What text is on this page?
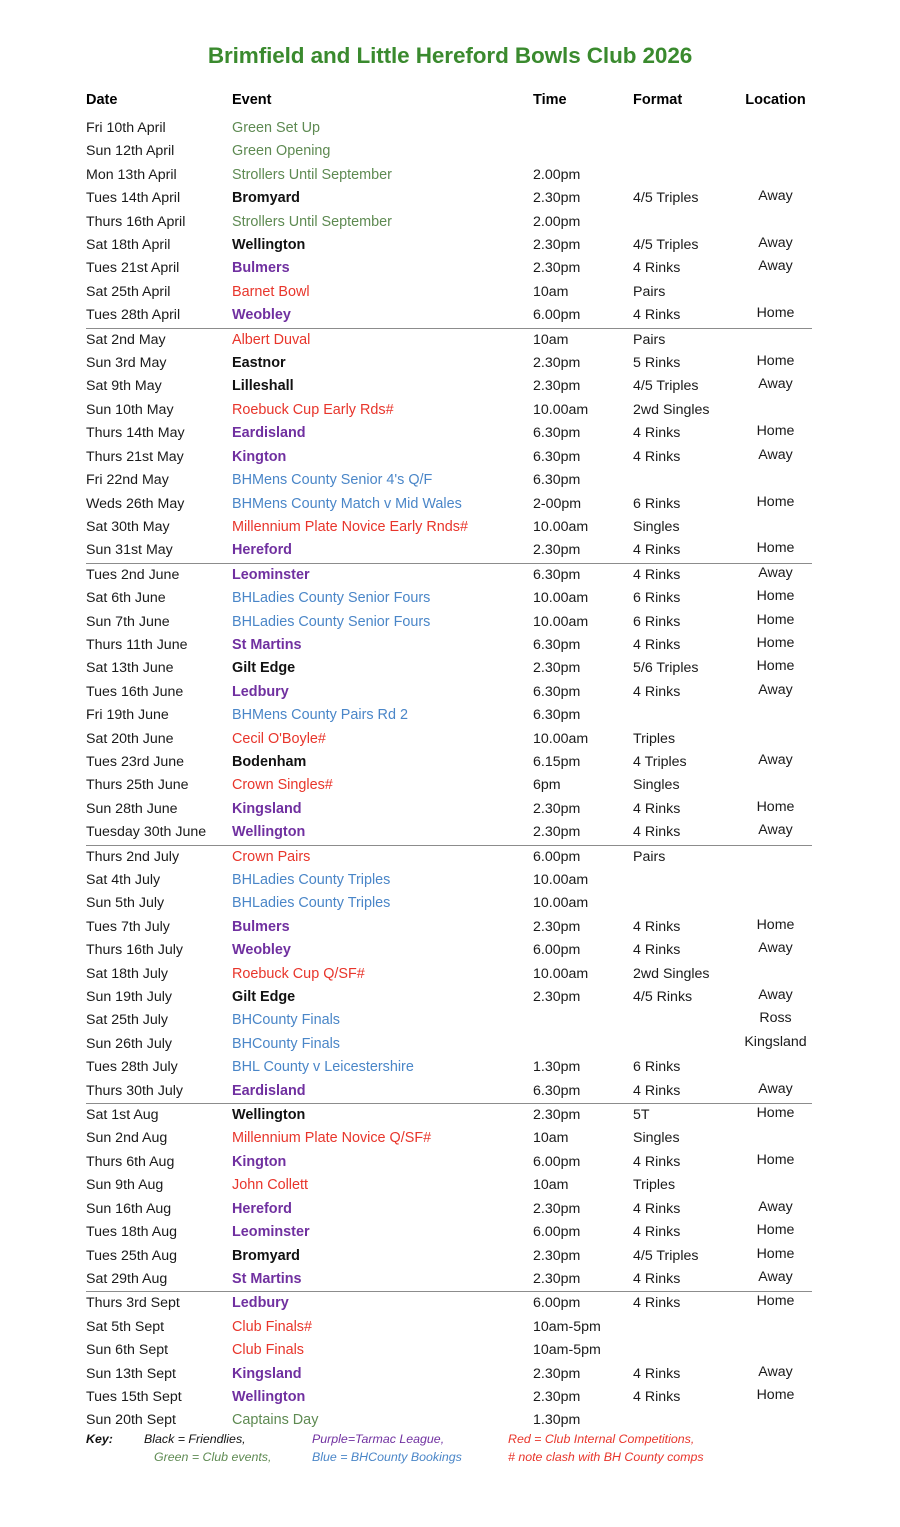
Brimfield and Little Hereford Bowls Club 2026
Date	Event	Time	Format	Location
Fri 10th April	Green Set Up			
Sun 12th April	Green Opening			
Mon 13th April	Strollers Until September	2.00pm		
Tues 14th April	Bromyard	2.30pm	4/5 Triples	Away
Thurs 16th April	Strollers Until September	2.00pm		
Sat 18th April	Wellington	2.30pm	4/5 Triples	Away
Tues 21st April	Bulmers	2.30pm	4 Rinks	Away
Sat 25th April	Barnet Bowl	10am	Pairs	
Tues 28th April	Weobley	6.00pm	4 Rinks	Home
Sat 2nd May	Albert Duval	10am	Pairs	
Sun 3rd May	Eastnor	2.30pm	5 Rinks	Home
Sat 9th May	Lilleshall	2.30pm	4/5 Triples	Away
Sun 10th May	Roebuck Cup Early Rds#	10.00am	2wd Singles	
Thurs 14th May	Eardisland	6.30pm	4 Rinks	Home
Thurs 21st May	Kington	6.30pm	4 Rinks	Away
Fri 22nd May	BHMens County Senior 4's Q/F	6.30pm		
Weds 26th May	BHMens County Match v Mid Wales	2-00pm	6 Rinks	Home
Sat 30th May	Millennium Plate Novice Early Rnds#	10.00am	Singles	
Sun 31st May	Hereford	2.30pm	4 Rinks	Home
Tues 2nd June	Leominster	6.30pm	4 Rinks	Away
Sat 6th June	BHLadies County Senior Fours	10.00am	6 Rinks	Home
Sun 7th June	BHLadies County Senior Fours	10.00am	6 Rinks	Home
Thurs 11th June	St Martins	6.30pm	4 Rinks	Home
Sat 13th June	Gilt Edge	2.30pm	5/6 Triples	Home
Tues 16th June	Ledbury	6.30pm	4 Rinks	Away
Fri 19th June	BHMens County Pairs Rd 2	6.30pm		
Sat 20th June	Cecil O'Boyle#	10.00am	Triples	
Tues 23rd June	Bodenham	6.15pm	4 Triples	Away
Thurs 25th June	Crown Singles#	6pm	Singles	
Sun 28th June	Kingsland	2.30pm	4 Rinks	Home
Tuesday 30th June	Wellington	2.30pm	4 Rinks	Away
Thurs 2nd July	Crown Pairs	6.00pm	Pairs	
Sat 4th July	BHLadies County Triples	10.00am		
Sun 5th July	BHLadies County Triples	10.00am		
Tues 7th July	Bulmers	2.30pm	4 Rinks	Home
Thurs 16th July	Weobley	6.00pm	4 Rinks	Away
Sat 18th July	Roebuck Cup Q/SF#	10.00am	2wd Singles	
Sun 19th July	Gilt Edge	2.30pm	4/5 Rinks	Away
Sat 25th July	BHCounty Finals			Ross
Sun 26th July	BHCounty Finals			Kingsland
Tues 28th July	BHL County v Leicestershire	1.30pm	6 Rinks	
Thurs 30th July	Eardisland	6.30pm	4 Rinks	Away
Sat 1st Aug	Wellington	2.30pm	5T	Home
Sun 2nd Aug	Millennium Plate Novice Q/SF#	10am	Singles	
Thurs 6th Aug	Kington	6.00pm	4 Rinks	Home
Sun 9th Aug	John Collett	10am	Triples	
Sun 16th Aug	Hereford	2.30pm	4 Rinks	Away
Tues 18th Aug	Leominster	6.00pm	4 Rinks	Home
Tues 25th Aug	Bromyard	2.30pm	4/5 Triples	Home
Sat 29th Aug	St Martins	2.30pm	4 Rinks	Away
Thurs 3rd Sept	Ledbury	6.00pm	4 Rinks	Home
Sat 5th Sept	Club Finals#	10am-5pm		
Sun 6th Sept	Club Finals	10am-5pm		
Sun 13th Sept	Kingsland	2.30pm	4 Rinks	Away
Tues 15th Sept	Wellington	2.30pm	4 Rinks	Home
Sun 20th Sept	Captains Day	1.30pm		
Key:	Black = Friendlies,	Purple=Tarmac League,	Red = Club Internal Competitions,
Green = Club events,	Blue = BHCounty Bookings	# note clash with BH County comps
